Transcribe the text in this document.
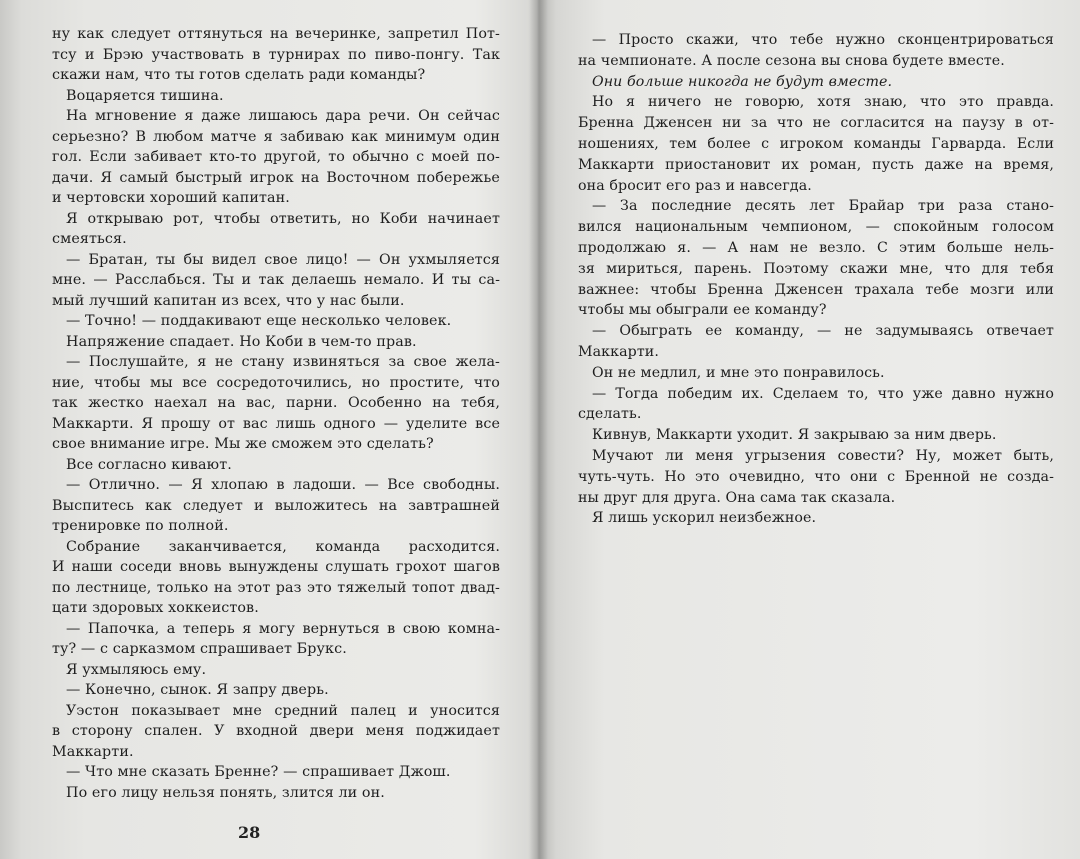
ну как следует оттянуться на вечеринке, запретил Пот-
тсу и Брэю участвовать в турнирах по пиво-понгу. Так
скажи нам, что ты готов сделать ради команды?
Воцаряется тишина.
На мгновение я даже лишаюсь дара речи. Он сейчас
серьезно? В любом матче я забиваю как минимум один
гол. Если забивает кто-то другой, то обычно с моей по-
дачи. Я самый быстрый игрок на Восточном побережье
и чертовски хороший капитан.
Я открываю рот, чтобы ответить, но Коби начинает
смеяться.
— Братан, ты бы видел свое лицо! — Он ухмыляется
мне. — Расслабься. Ты и так делаешь немало. И ты са-
мый лучший капитан из всех, что у нас были.
— Точно! — поддакивают еще несколько человек.
Напряжение спадает. Но Коби в чем-то прав.
— Послушайте, я не стану извиняться за свое жела-
ние, чтобы мы все сосредоточились, но простите, что
так жестко наехал на вас, парни. Особенно на тебя,
Маккарти. Я прошу от вас лишь одного — уделите все
свое внимание игре. Мы же сможем это сделать?
Все согласно кивают.
— Отлично. — Я хлопаю в ладоши. — Все свободны.
Выспитесь как следует и выложитесь на завтрашней
тренировке по полной.
Собрание заканчивается, команда расходится.
И наши соседи вновь вынуждены слушать грохот шагов
по лестнице, только на этот раз это тяжелый топот двад-
цати здоровых хоккеистов.
— Папочка, а теперь я могу вернуться в свою комна-
ту? — с сарказмом спрашивает Брукс.
Я ухмыляюсь ему.
— Конечно, сынок. Я запру дверь.
Уэстон показывает мне средний палец и уносится
в сторону спален. У входной двери меня поджидает
Маккарти.
— Что мне сказать Бренне? — спрашивает Джош.
По его лицу нельзя понять, злится ли он.
28
— Просто скажи, что тебе нужно сконцентрироваться
на чемпионате. А после сезона вы снова будете вместе.
Они больше никогда не будут вместе.
Но я ничего не говорю, хотя знаю, что это правда.
Бренна Дженсен ни за что не согласится на паузу в от-
ношениях, тем более с игроком команды Гарварда. Если
Маккарти приостановит их роман, пусть даже на время,
она бросит его раз и навсегда.
— За последние десять лет Брайар три раза стано-
вился национальным чемпионом, — спокойным голосом
продолжаю я. — А нам не везло. С этим больше нель-
зя мириться, парень. Поэтому скажи мне, что для тебя
важнее: чтобы Бренна Дженсен трахала тебе мозги или
чтобы мы обыграли ее команду?
— Обыграть ее команду, — не задумываясь отвечает
Маккарти.
Он не медлил, и мне это понравилось.
— Тогда победим их. Сделаем то, что уже давно нужно
сделать.
Кивнув, Маккарти уходит. Я закрываю за ним дверь.
Мучают ли меня угрызения совести? Ну, может быть,
чуть-чуть. Но это очевидно, что они с Бренной не созда-
ны друг для друга. Она сама так сказала.
Я лишь ускорил неизбежное.
